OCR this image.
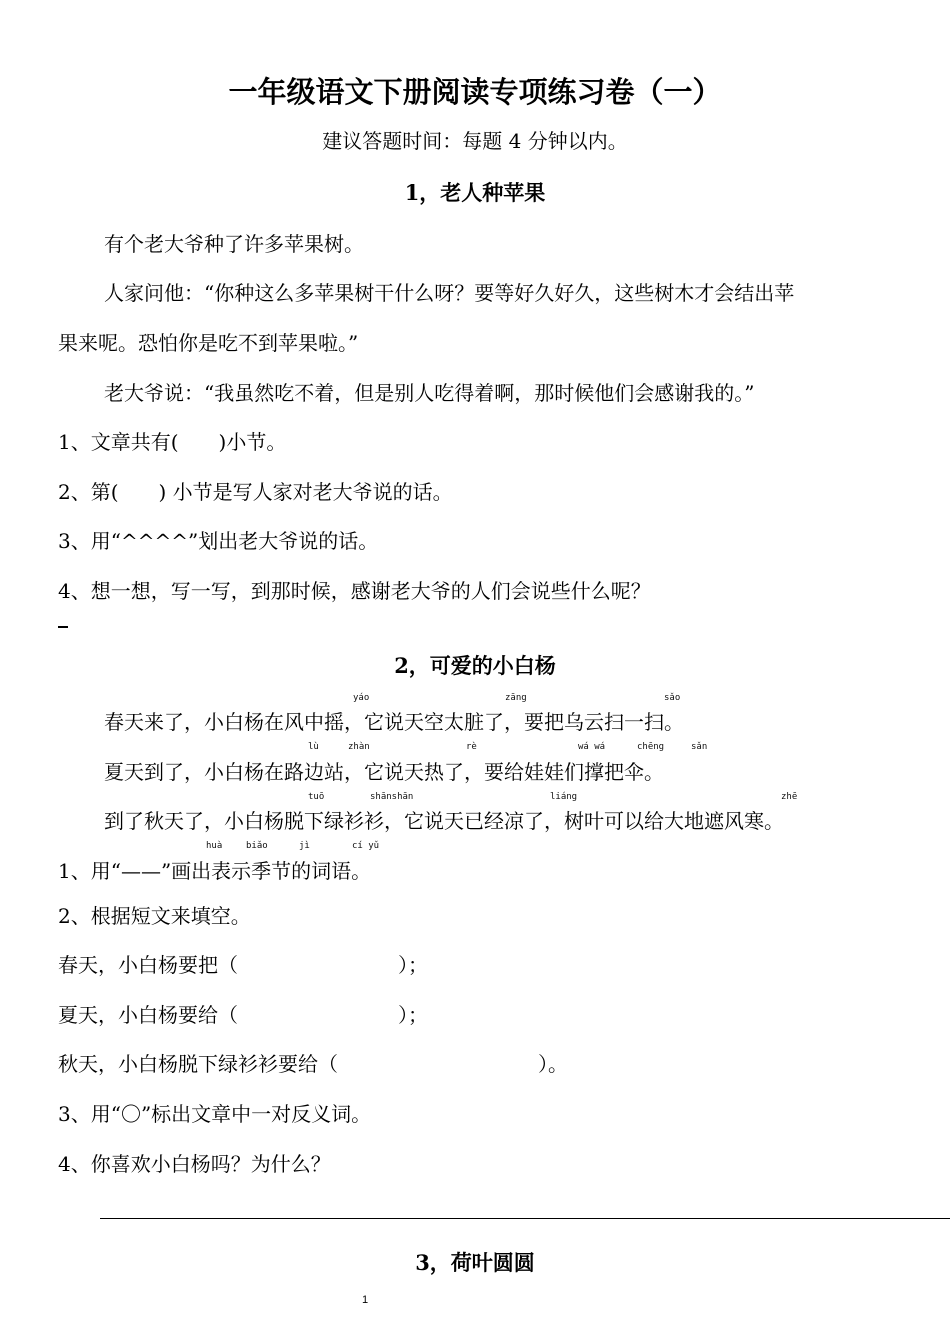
一年级语文下册阅读专项练习卷（一）
建议答题时间：每题 4 分钟以内。
1，老人种苹果
有个老大爷种了许多苹果树。
人家问他：“你种这么多苹果树干什么呀？要等好久好久，这些树木才会结出苹
果来呢。恐怕你是吃不到苹果啦。”
老大爷说：“我虽然吃不着，但是别人吃得着啊，那时候他们会感谢我的。”
1、文章共有(　　)小节。
2、第(　　) 小节是写人家对老大爷说的话。
3、用“^^^^”划出老大爷说的话。
4、想一想，写一写，到那时候，感谢老大爷的人们会说些什么呢？
2，可爱的小白杨
yáo	zāng	sǎo
春天来了，小白杨在风中摇，它说天空太脏了，要把乌云扫一扫。
lù	zhàn	rè	wá wá	chēng	sǎn
夏天到了，小白杨在路边站，它说天热了，要给娃娃们撑把伞。
tuō	shānshān	liáng	zhē
到了秋天了，小白杨脱下绿衫衫，它说天已经凉了，树叶可以给大地遮风寒。
huà	biǎo	jì	cí yǔ
1、用“——”画出表示季节的词语。
2、根据短文来填空。
春天，小白杨要把（　　　　　　　　）；
夏天，小白杨要给（　　　　　　　　）；
秋天，小白杨脱下绿衫衫要给（　　　　　　　　　　）。
3、用“〇”标出文章中一对反义词。
4、你喜欢小白杨吗？为什么？
3，荷叶圆圆
1
